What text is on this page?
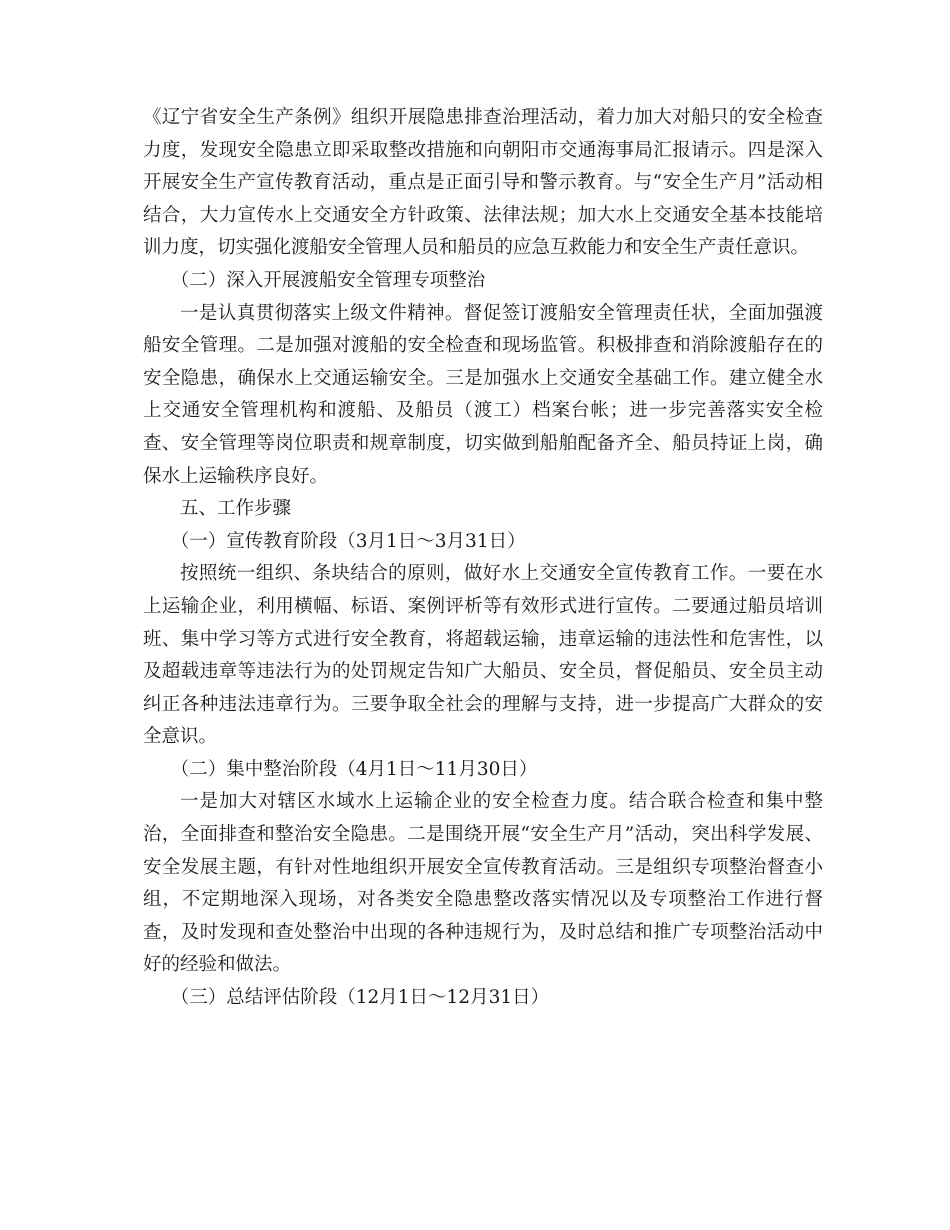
《辽宁省安全生产条例》组织开展隐患排查治理活动，着力加大对船只的安全检查力度，发现安全隐患立即采取整改措施和向朝阳市交通海事局汇报请示。四是深入开展安全生产宣传教育活动，重点是正面引导和警示教育。与“安全生产月”活动相结合，大力宣传水上交通安全方针政策、法律法规；加大水上交通安全基本技能培训力度，切实强化渡船安全管理人员和船员的应急互救能力和安全生产责任意识。

（二）深入开展渡船安全管理专项整治

一是认真贯彻落实上级文件精神。督促签订渡船安全管理责任状，全面加强渡船安全管理。二是加强对渡船的安全检查和现场监管。积极排查和消除渡船存在的安全隐患，确保水上交通运输安全。三是加强水上交通安全基础工作。建立健全水上交通安全管理机构和渡船、及船员（渡工）档案台帐；进一步完善落实安全检查、安全管理等岗位职责和规章制度，切实做到船舶配备齐全、船员持证上岗，确保水上运输秩序良好。

五、工作步骤

（一）宣传教育阶段（3月1日～3月31日）

按照统一组织、条块结合的原则，做好水上交通安全宣传教育工作。一要在水上运输企业，利用横幅、标语、案例评析等有效形式进行宣传。二要通过船员培训班、集中学习等方式进行安全教育，将超载运输，违章运输的违法性和危害性，以及超载违章等违法行为的处罚规定告知广大船员、安全员，督促船员、安全员主动纠正各种违法违章行为。三要争取全社会的理解与支持，进一步提高广大群众的安全意识。

（二）集中整治阶段（4月1日～11月30日）

一是加大对辖区水域水上运输企业的安全检查力度。结合联合检查和集中整治，全面排查和整治安全隐患。二是围绕开展“安全生产月”活动，突出科学发展、安全发展主题，有针对性地组织开展安全宣传教育活动。三是组织专项整治督查小组，不定期地深入现场，对各类安全隐患整改落实情况以及专项整治工作进行督查，及时发现和查处整治中出现的各种违规行为，及时总结和推广专项整治活动中好的经验和做法。

（三）总结评估阶段（12月1日～12月31日）
